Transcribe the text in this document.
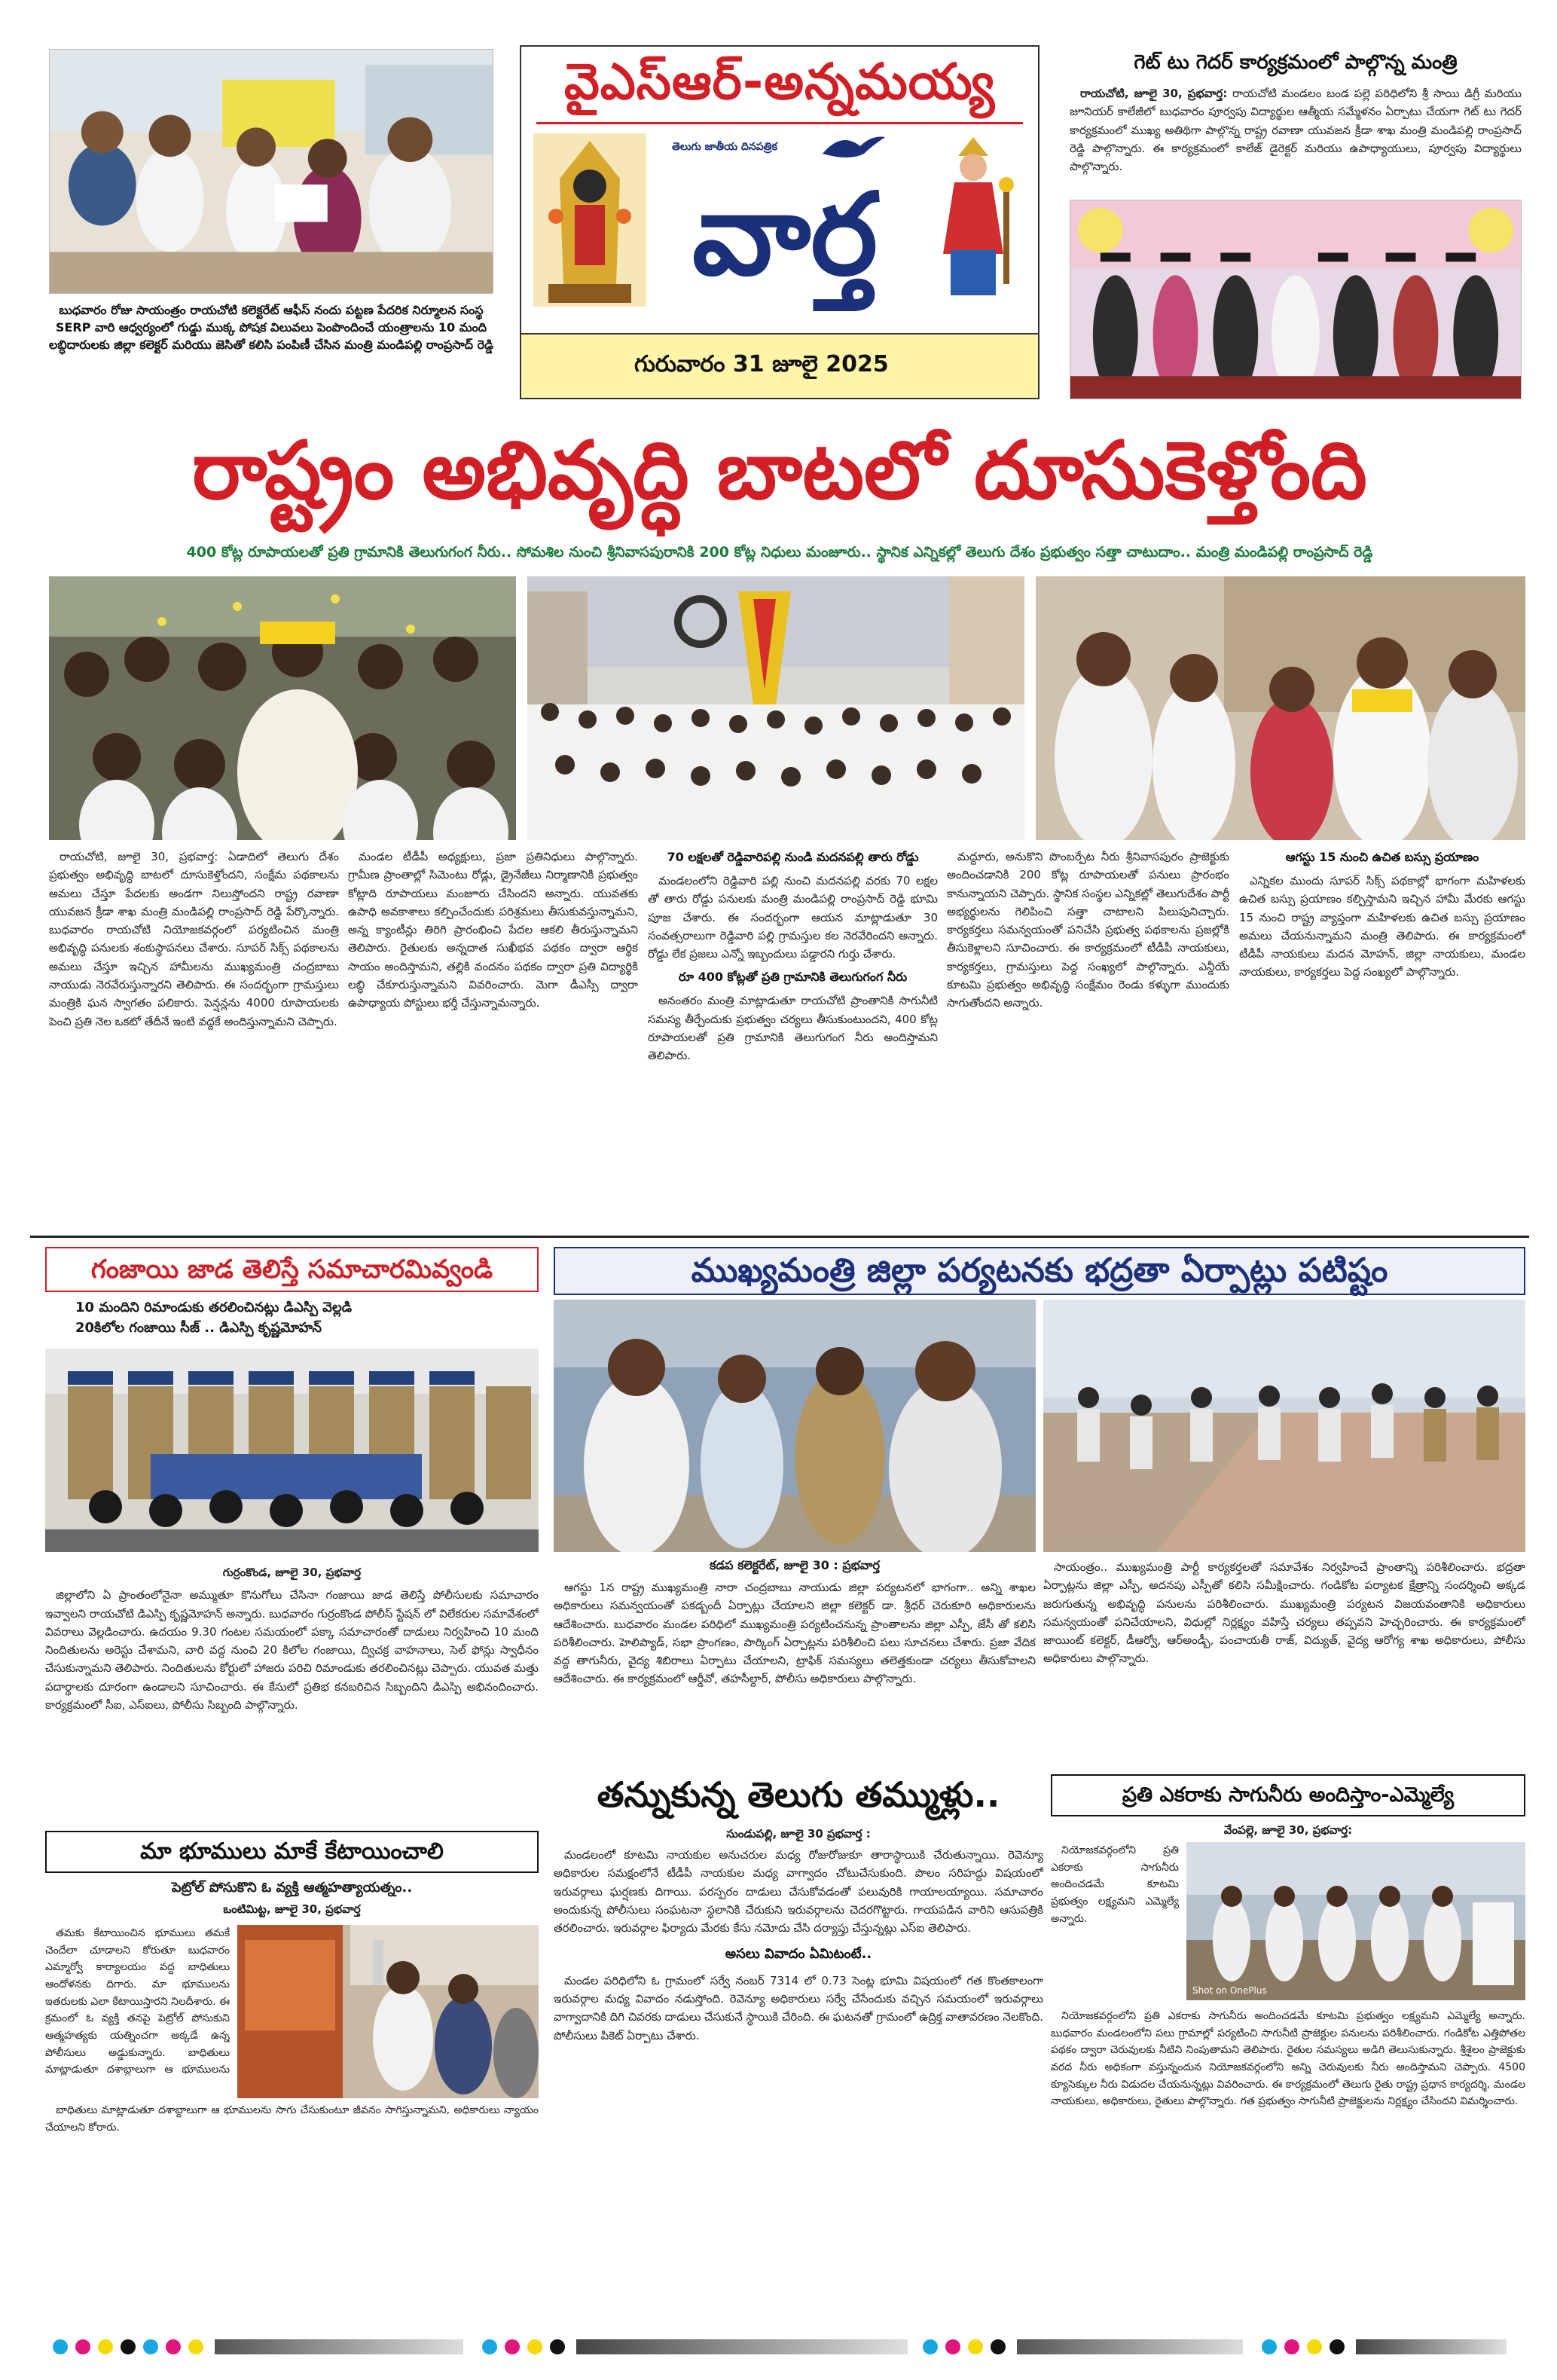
బుధవారం రోజు సాయంత్రం రాయచోటి కలెక్టరేట్ ఆఫీస్ నందు పట్టణ పేదరిక నిర్మూలన సంస్థ SERP వారి ఆధ్వర్యంలో గుడ్డు ముక్క పోషక విలువలు పెంపొందించే యంత్రాలను 10 మంది లబ్ధిదారులకు జిల్లా కలెక్టర్ మరియు జెసితో కలిసి పంపిణీ చేసిన మంత్రి మండిపల్లి రాంప్రసాద్ రెడ్డి
వైఎస్ఆర్-అన్నమయ్య
తెలుగు జాతీయ దినపత్రిక
వార్త
గురువారం 31 జూలై 2025
గెట్ టు గెదర్ కార్యక్రమంలో పాల్గొన్న మంత్రి

రాయచోటి, జూలై 30, ప్రభవార్త: రాయచోటి మండలం బండ పల్లె పరిధిలోని శ్రీ సాయి డిగ్రీ మరియు జూనియర్ కాలేజీలో బుధవారం పూర్వపు విద్యార్థుల ఆత్మీయ సమ్మేళనం ఏర్పాటు చేయగా గెట్ టు గెదర్ కార్యక్రమంలో ముఖ్య అతిథిగా పాల్గొన్న రాష్ట్ర రవాణా యువజన క్రీడా శాఖ మంత్రి మండిపల్లి రాంప్రసాద్ రెడ్డి పాల్గొన్నారు. ఈ కార్యక్రమంలో కాలేజ్ డైరెక్టర్ మరియు ఉపాధ్యాయులు, పూర్వపు విద్యార్థులు పాల్గొన్నారు.

రాష్ట్రం అభివృద్ధి బాటలో దూసుకెళ్తోంది
400 కోట్ల రూపాయలతో ప్రతి గ్రామానికి తెలుగుగంగ నీరు.. సోమశిల నుంచి శ్రీనివాసపురానికి 200 కోట్ల నిధులు మంజూరు.. స్థానిక ఎన్నికల్లో తెలుగు దేశం ప్రభుత్వం సత్తా చాటుదాం.. మంత్రి మండిపల్లి రాంప్రసాద్ రెడ్డి

రాయచోటి, జూలై 30, ప్రభవార్త: ఏడాదిలో తెలుగు దేశం ప్రభుత్వం అభివృద్ధి బాటలో దూసుకెళ్తోందని, సంక్షేమ పథకాలను అమలు చేస్తూ పేదలకు అండగా నిలుస్తోందని రాష్ట్ర రవాణా యువజన క్రీడా శాఖ మంత్రి మండిపల్లి రాంప్రసాద్ రెడ్డి పేర్కొన్నారు. బుధవారం రాయచోటి నియోజకవర్గంలో పర్యటించిన మంత్రి అభివృద్ధి పనులకు శంకుస్థాపనలు చేశారు. సూపర్ సిక్స్ పథకాలను అమలు చేస్తూ ఇచ్చిన హామీలను ముఖ్యమంత్రి చంద్రబాబు నాయుడు నెరవేరుస్తున్నారని తెలిపారు. ఈ సందర్భంగా గ్రామస్తులు మంత్రికి ఘన స్వాగతం పలికారు. పెన్షన్లను 4000 రూపాయలకు పెంచి ప్రతి నెల ఒకటో తేదీనే ఇంటి వద్దకే అందిస్తున్నామని చెప్పారు.

మండల టీడీపీ అధ్యక్షులు, ప్రజా ప్రతినిధులు పాల్గొన్నారు. గ్రామీణ ప్రాంతాల్లో సిమెంటు రోడ్లు, డ్రైనేజీలు నిర్మాణానికి ప్రభుత్వం కోట్లాది రూపాయలు మంజూరు చేసిందని అన్నారు. యువతకు ఉపాధి అవకాశాలు కల్పించేందుకు పరిశ్రమలు తీసుకువస్తున్నామని, అన్న క్యాంటీన్లు తిరిగి ప్రారంభించి పేదల ఆకలి తీరుస్తున్నామని తెలిపారు. రైతులకు అన్నదాత సుఖీభవ పథకం ద్వారా ఆర్థిక సాయం అందిస్తామని, తల్లికి వందనం పథకం ద్వారా ప్రతి విద్యార్థికి లబ్ధి చేకూరుస్తున్నామని వివరించారు. మెగా డీఎస్సీ ద్వారా ఉపాధ్యాయ పోస్టులు భర్తీ చేస్తున్నామన్నారు.

70 లక్షలతో రెడ్డివారిపల్లి నుండి మదనపల్లి తారు రోడ్డు

మండలంలోని రెడ్డివారి పల్లి నుంచి మదనపల్లి వరకు 70 లక్షల తో తారు రోడ్డు పనులకు మంత్రి మండిపల్లి రాంప్రసాద్ రెడ్డి భూమి పూజ చేశారు. ఈ సందర్భంగా ఆయన మాట్లాడుతూ 30 సంవత్సరాలుగా రెడ్డివారి పల్లి గ్రామస్తుల కల నెరవేరిందని అన్నారు. రోడ్డు లేక ప్రజలు ఎన్నో ఇబ్బందులు పడ్డారని గుర్తు చేశారు.

రూ 400 కోట్లతో ప్రతి గ్రామానికి తెలుగుగంగ నీరు

అనంతరం మంత్రి మాట్లాడుతూ రాయచోటి ప్రాంతానికి సాగునీటి సమస్య తీర్చేందుకు ప్రభుత్వం చర్యలు తీసుకుంటుందని, 400 కోట్ల రూపాయలతో ప్రతి గ్రామానికి తెలుగుగంగ నీరు అందిస్తామని తెలిపారు.

మద్దూరు, అనుకొని పొంబర్పేట నీరు శ్రీనివాసపురం ప్రాజెక్టుకు అందించడానికి 200 కోట్ల రూపాయలతో పనులు ప్రారంభం కానున్నాయని చెప్పారు. స్థానిక సంస్థల ఎన్నికల్లో తెలుగుదేశం పార్టీ అభ్యర్థులను గెలిపించి సత్తా చాటాలని పిలుపునిచ్చారు. కార్యకర్తలు సమన్వయంతో పనిచేసి ప్రభుత్వ పథకాలను ప్రజల్లోకి తీసుకెళ్లాలని సూచించారు. ఈ కార్యక్రమంలో టీడీపీ నాయకులు, కార్యకర్తలు, గ్రామస్తులు పెద్ద సంఖ్యలో పాల్గొన్నారు. ఎన్డీయే కూటమి ప్రభుత్వం అభివృద్ధి సంక్షేమం రెండు కళ్ళుగా ముందుకు సాగుతోందని అన్నారు.

ఆగస్టు 15 నుంచి ఉచిత బస్సు ప్రయాణం

ఎన్నికల ముందు సూపర్ సిక్స్ పథకాల్లో భాగంగా మహిళలకు ఉచిత బస్సు ప్రయాణం కల్పిస్తామని ఇచ్చిన హామీ మేరకు ఆగస్టు 15 నుంచి రాష్ట్ర వ్యాప్తంగా మహిళలకు ఉచిత బస్సు ప్రయాణం అమలు చేయనున్నామని మంత్రి తెలిపారు. ఈ కార్యక్రమంలో టీడీపీ నాయకులు మదన మోహన్, జిల్లా నాయకులు, మండల నాయకులు, కార్యకర్తలు పెద్ద సంఖ్యలో పాల్గొన్నారు.

గంజాయి జాడ తెలిస్తే సమాచారమివ్వండి
10 మందిని రిమాండుకు తరలించినట్లు డిఎస్పి వెల్లడి
20కిలోల గంజాయి సీజ్ .. డిఎస్పి కృష్ణమోహన్

గుర్రంకొండ, జూలై 30, ప్రభవార్త

జిల్లాలోని ఏ ప్రాంతంలోనైనా అమ్ముతూ కొనుగోలు చేసినా గంజాయి జాడ తెలిస్తే పోలీసులకు సమాచారం ఇవ్వాలని రాయచోటి డిఎస్పి కృష్ణమోహన్ అన్నారు. బుధవారం గుర్రంకొండ పోలీస్ స్టేషన్ లో విలేకరుల సమావేశంలో వివరాలు వెల్లడించారు. ఉదయం 9.30 గంటల సమయంలో పక్కా సమాచారంతో దాడులు నిర్వహించి 10 మంది నిందితులను అరెస్టు చేశామని, వారి వద్ద నుంచి 20 కిలోల గంజాయి, ద్విచక్ర వాహనాలు, సెల్ ఫోన్లు స్వాధీనం చేసుకున్నామని తెలిపారు. నిందితులను కోర్టులో హాజరు పరిచి రిమాండుకు తరలించినట్లు చెప్పారు. యువత మత్తు పదార్థాలకు దూరంగా ఉండాలని సూచించారు. ఈ కేసులో ప్రతిభ కనబరిచిన సిబ్బందిని డిఎస్పి అభినందించారు. కార్యక్రమంలో సీఐ, ఎస్ఐలు, పోలీసు సిబ్బంది పాల్గొన్నారు.

మా భూములు మాకే కేటాయించాలి
పెట్రోల్ పోసుకొని ఓ వ్యక్తి ఆత్మహత్యాయత్నం..
ఒంటిమిట్ట, జూలై 30, ప్రభవార్త

తమకు కేటాయించిన భూములు తమకే చెందేలా చూడాలని కోరుతూ బుధవారం ఎమ్మార్వో కార్యాలయం వద్ద బాధితులు ఆందోళనకు దిగారు. మా భూములను ఇతరులకు ఎలా కేటాయిస్తారని నిలదీశారు. ఈ క్రమంలో ఓ వ్యక్తి తనపై పెట్రోల్ పోసుకుని ఆత్మహత్యకు యత్నించగా అక్కడే ఉన్న పోలీసులు అడ్డుకున్నారు. బాధితులు మాట్లాడుతూ దశాబ్దాలుగా ఆ భూములను

బాధితులు మాట్లాడుతూ దశాబ్దాలుగా ఆ భూములను సాగు చేసుకుంటూ జీవనం సాగిస్తున్నామని, అధికారులు న్యాయం చేయాలని కోరారు.

ముఖ్యమంత్రి జిల్లా పర్యటనకు భద్రతా ఏర్పాట్లు పటిష్టం
కడప కలెక్టరేట్, జూలై 30 : ప్రభవార్త

ఆగస్టు 1న రాష్ట్ర ముఖ్యమంత్రి నారా చంద్రబాబు నాయుడు జిల్లా పర్యటనలో భాగంగా.. అన్ని శాఖల అధికారులు సమన్వయంతో పకడ్బందీ ఏర్పాట్లు చేయాలని జిల్లా కలెక్టర్ డా. శ్రీధర్ చెరుకూరి అధికారులను ఆదేశించారు. బుధవారం మండల పరిధిలో ముఖ్యమంత్రి పర్యటించనున్న ప్రాంతాలను జిల్లా ఎస్పీ, జేసీ తో కలిసి పరిశీలించారు. హెలిప్యాడ్, సభా ప్రాంగణం, పార్కింగ్ ఏర్పాట్లను పరిశీలించి పలు సూచనలు చేశారు. ప్రజా వేదిక వద్ద తాగునీరు, వైద్య శిబిరాలు ఏర్పాటు చేయాలని, ట్రాఫిక్ సమస్యలు తలెత్తకుండా చర్యలు తీసుకోవాలని ఆదేశించారు. ఈ కార్యక్రమంలో ఆర్డీవో, తహసీల్దార్, పోలీసు అధికారులు పాల్గొన్నారు.

సాయంత్రం.. ముఖ్యమంత్రి పార్టీ కార్యకర్తలతో సమావేశం నిర్వహించే ప్రాంతాన్ని పరిశీలించారు. భద్రతా ఏర్పాట్లను జిల్లా ఎస్పీ, అదనపు ఎస్పీతో కలిసి సమీక్షించారు. గండికోట పర్యాటక క్షేత్రాన్ని సందర్శించి అక్కడ జరుగుతున్న అభివృద్ధి పనులను పరిశీలించారు. ముఖ్యమంత్రి పర్యటన విజయవంతానికి అధికారులు సమన్వయంతో పనిచేయాలని, విధుల్లో నిర్లక్ష్యం వహిస్తే చర్యలు తప్పవని హెచ్చరించారు. ఈ కార్యక్రమంలో జాయింట్ కలెక్టర్, డీఆర్వో, ఆర్అండ్బీ, పంచాయతీ రాజ్, విద్యుత్, వైద్య ఆరోగ్య శాఖ అధికారులు, పోలీసు అధికారులు పాల్గొన్నారు.

తన్నుకున్న తెలుగు తమ్ముళ్లు..
సుండుపల్లి, జూలై 30 ప్రభవార్త :

మండలంలో కూటమి నాయకుల అనుచరుల మధ్య రోజురోజుకూ తారాస్థాయికి చేరుతున్నాయి. రెవెన్యూ అధికారుల సమక్షంలోనే టీడీపీ నాయకుల మధ్య వాగ్వాదం చోటుచేసుకుంది. పొలం సరిహద్దు విషయంలో ఇరువర్గాలు ఘర్షణకు దిగాయి. పరస్పరం దాడులు చేసుకోవడంతో పలువురికి గాయాలయ్యాయి. సమాచారం అందుకున్న పోలీసులు సంఘటనా స్థలానికి చేరుకుని ఇరువర్గాలను చెదరగొట్టారు. గాయపడిన వారిని ఆసుపత్రికి తరలించారు. ఇరువర్గాల ఫిర్యాదు మేరకు కేసు నమోదు చేసి దర్యాప్తు చేస్తున్నట్లు ఎస్ఐ తెలిపారు.

అసలు వివాదం ఏమిటంటే..

మండల పరిధిలోని ఓ గ్రామంలో సర్వే నంబర్ 7314 లో 0.73 సెంట్ల భూమి విషయంలో గత కొంతకాలంగా ఇరువర్గాల మధ్య వివాదం నడుస్తోంది. రెవెన్యూ అధికారులు సర్వే చేసేందుకు వచ్చిన సమయంలో ఇరువర్గాలు వాగ్వాదానికి దిగి చివరకు దాడులు చేసుకునే స్థాయికి చేరింది. ఈ ఘటనతో గ్రామంలో ఉద్రిక్త వాతావరణం నెలకొంది. పోలీసులు పికెట్ ఏర్పాటు చేశారు.

ప్రతి ఎకరాకు సాగునీరు అందిస్తాం-ఎమ్మెల్యే
వేంపల్లె, జూలై 30, ప్రభవార్త:

నియోజకవర్గంలోని ప్రతి ఎకరాకు సాగునీరు అందించడమే కూటమి ప్రభుత్వం లక్ష్యమని ఎమ్మెల్యే అన్నారు.

Shot on OnePlus

నియోజకవర్గంలోని ప్రతి ఎకరాకు సాగునీరు అందించడమే కూటమి ప్రభుత్వం లక్ష్యమని ఎమ్మెల్యే అన్నారు. బుధవారం మండలంలోని పలు గ్రామాల్లో పర్యటించి సాగునీటి ప్రాజెక్టుల పనులను పరిశీలించారు. గండికోట ఎత్తిపోతల పథకం ద్వారా చెరువులకు నీటిని నింపుతామని తెలిపారు. రైతుల సమస్యలు అడిగి తెలుసుకున్నారు. శ్రీశైలం ప్రాజెక్టుకు వరద నీరు అధికంగా వస్తున్నందున నియోజకవర్గంలోని అన్ని చెరువులకు నీరు అందిస్తామని చెప్పారు. 4500 క్యూసెక్కుల నీరు విడుదల చేయనున్నట్లు వివరించారు. ఈ కార్యక్రమంలో తెలుగు రైతు రాష్ట్ర ప్రధాన కార్యదర్శి, మండల నాయకులు, అధికారులు, రైతులు పాల్గొన్నారు. గత ప్రభుత్వం సాగునీటి ప్రాజెక్టులను నిర్లక్ష్యం చేసిందని విమర్శించారు.
